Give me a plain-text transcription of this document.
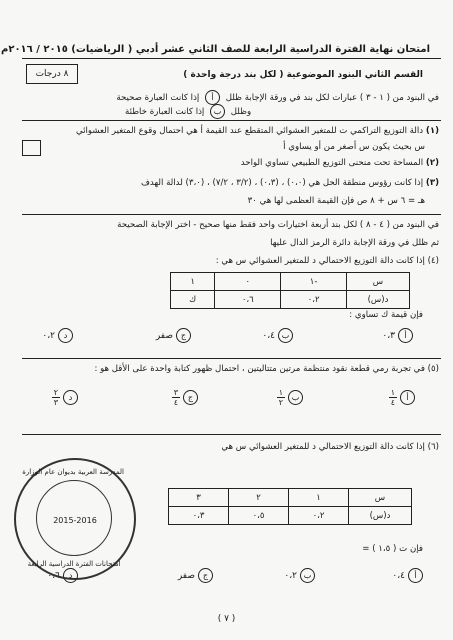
امتحان نهاية الفترة الدراسية الرابعة للصف الثاني عشر أدبي ( الرياضيات) ٢٠١٥ / ٢٠١٦م
٨ درجات	القسم الثاني البنود الموضوعية ( لكل بند درجة واحدة )
في البنود من ( ١ - ٣ ) عبارات لكل بند في ورقة الإجابة ظلل أ إذا كانت العبارة صحيحة
وظلل ب إذا كانت العبارة خاطئة
(١) دالة التوزيع التراكمي ت للمتغير العشوائي المتقطع عند القيمة أ هي احتمال وقوع المتغير العشوائي
س بحيث يكون س أصغر من أو يساوي أ
(٢) المساحة تحت منحنى التوزيع الطبيعي تساوي الواحد
(٣) إذا كانت رؤوس منطقة الحل هي (٠،٠) ، (٠،٣) ، (٣/٢ ، ٧/٢) ، (٣،٠) لدالة الهدف
هـ = ٦ س + ٨ ص فإن القيمة العظمى لها هي ٣٠
في البنود من ( ٤ - ٨ ) لكل بند أربعة اختيارات واحد فقط منها صحيح - اختر الإجابة الصحيحة
ثم ظلل في ورقة الإجابة دائرة الرمز الدال عليها
(٤) إذا كانت دالة التوزيع الاحتمالي د للمتغير العشوائي س هي :
س	-١	٠	١
د(س)	٠،٢	٠،٦	ك
فإن قيمة ك تساوي :
أ٠،٣
ب٠،٤
جصفر
د٠،٢
(٥) في تجربة رمي قطعة نقود منتظمة مرتين متتاليتين ، احتمال ظهور كتابة واحدة على الأقل هو :
أ
$\frac{١}{٤}$
ب
$\frac{١}{٢}$
ج
$\frac{٣}{٤}$
د
$\frac{٢}{٣}$
(٦) إذا كانت دالة التوزيع الاحتمالي د للمتغير العشوائي س هي
س	١	٢	٣
د(س)	٠،٢	٠،٥	٠،٣
فإن ت ( ١،٥ ) =
أ٠،٤
ب٠،٢
جصفر
د٠،٦
المدرسة العربية بديوان عام الوزارة
2015-2016
امتحانات الفترة الدراسية الرابعة
( ٧ )
